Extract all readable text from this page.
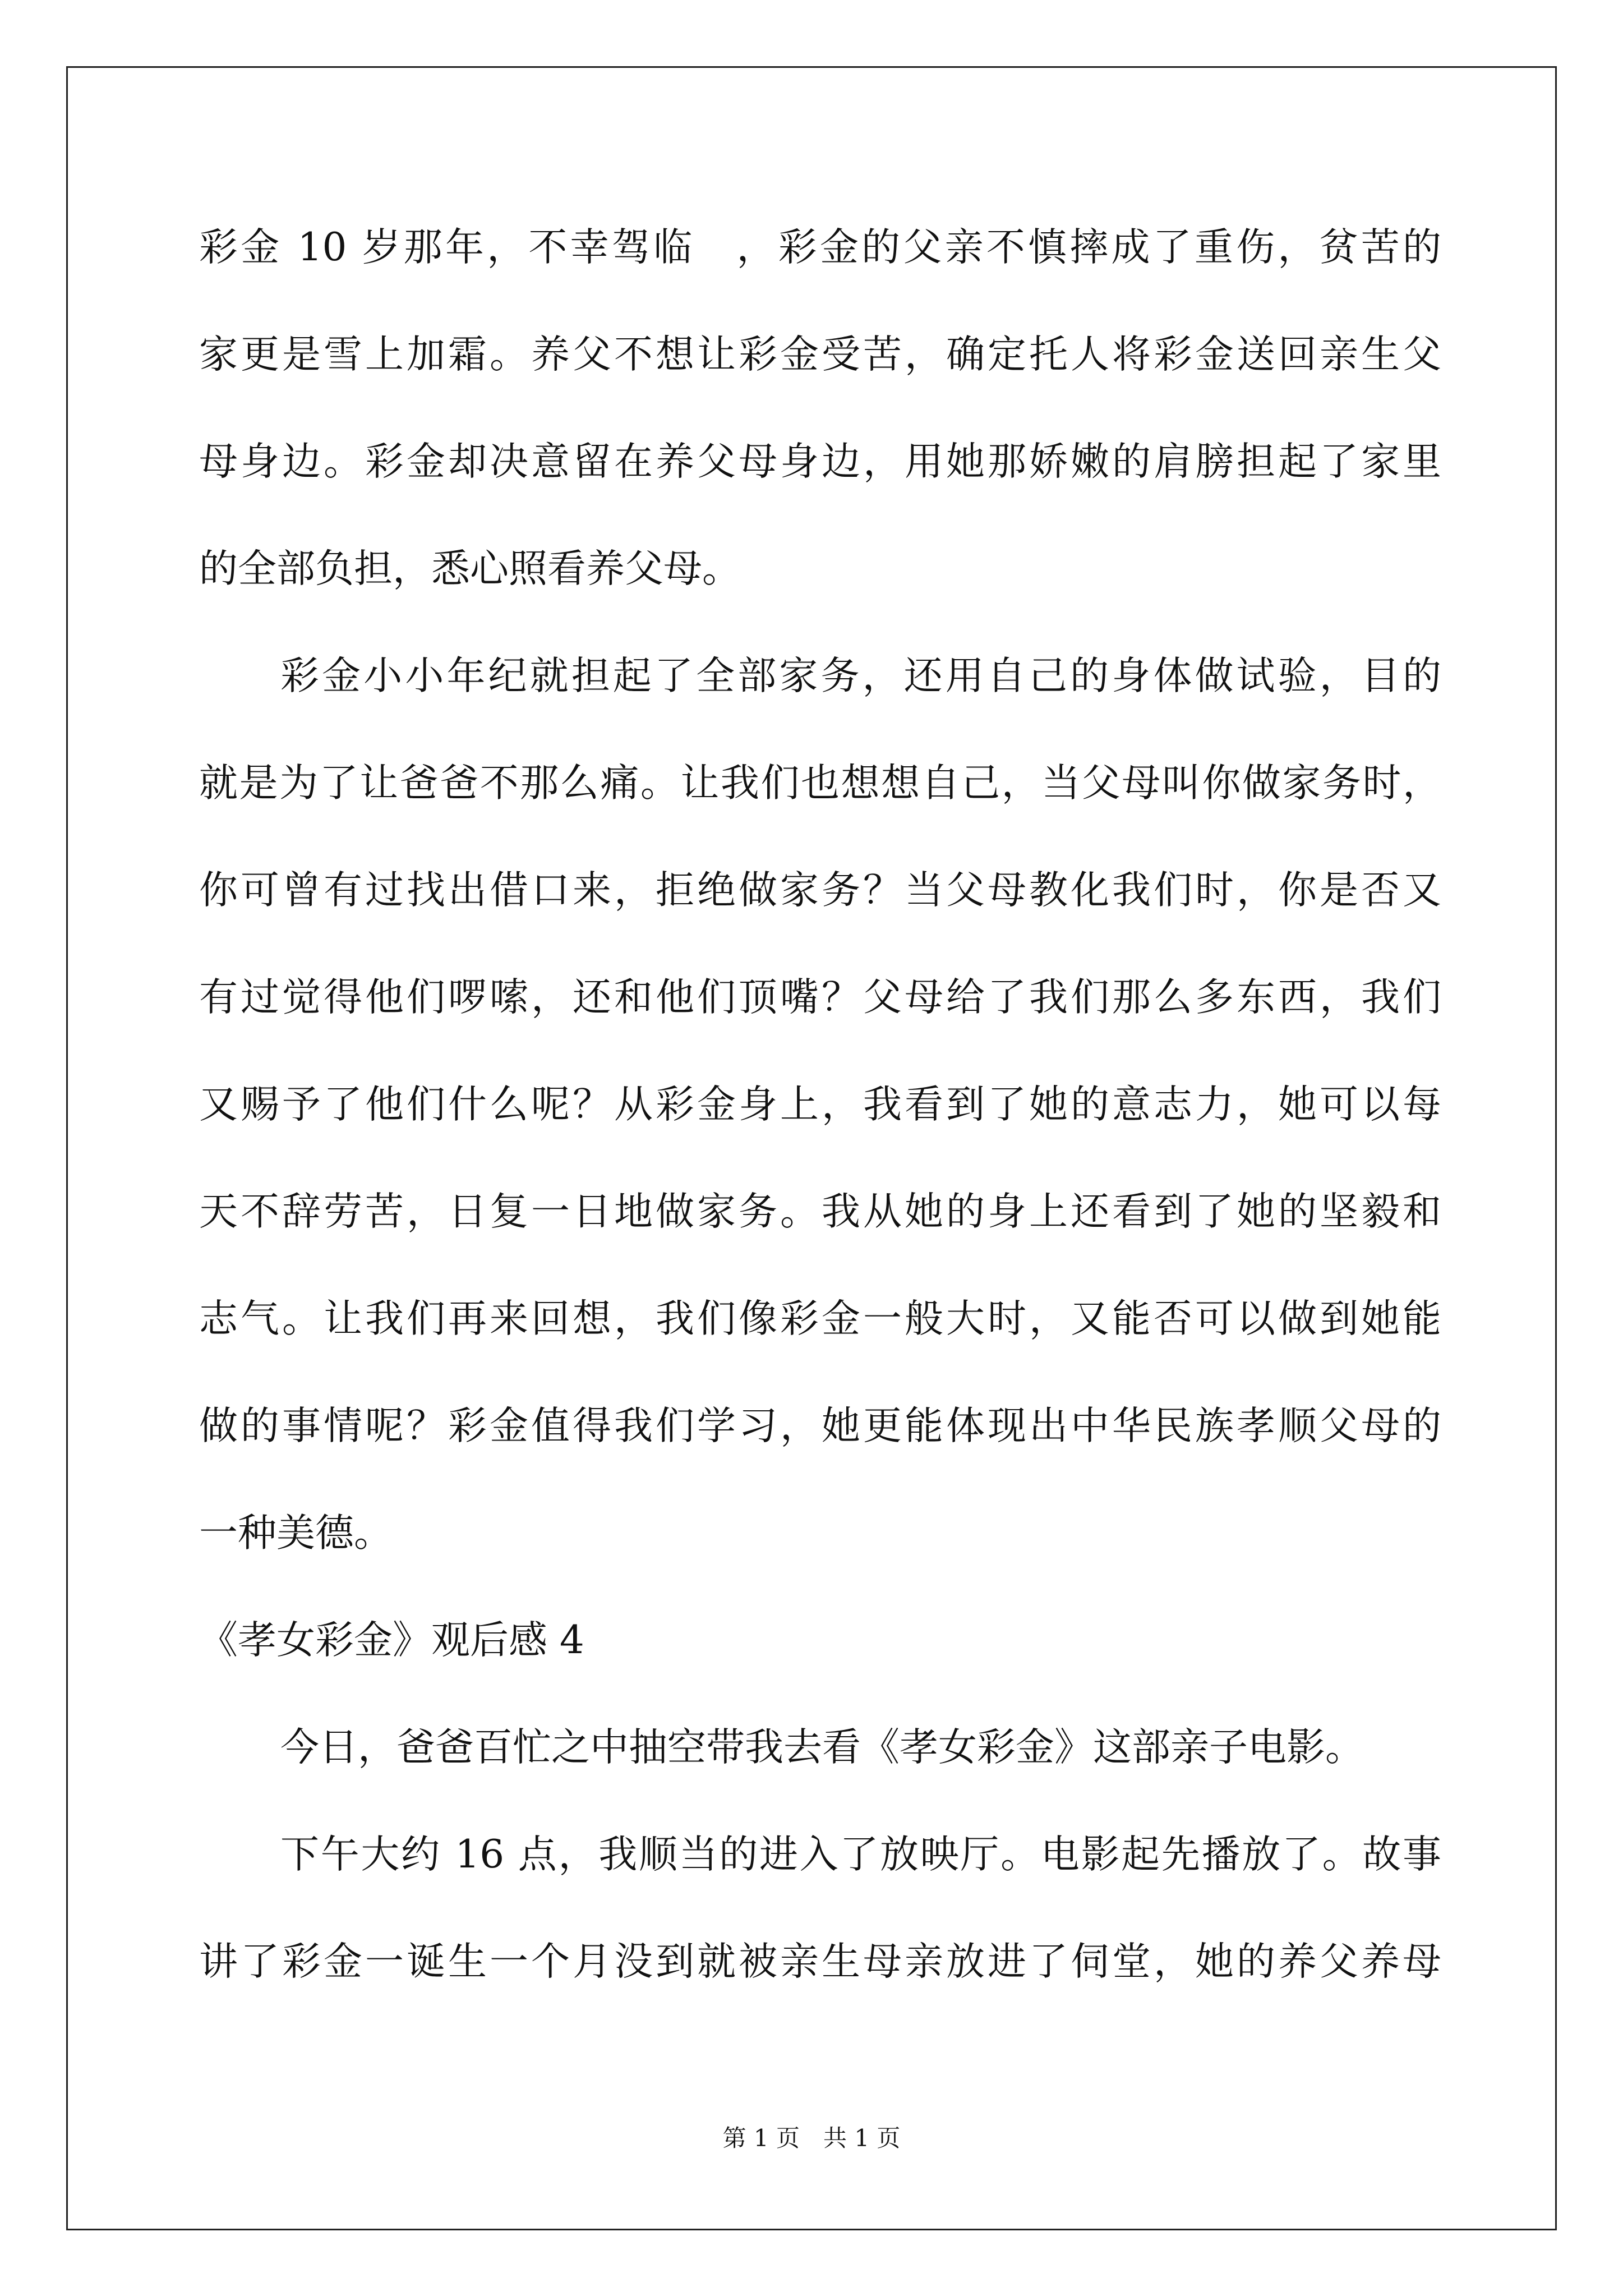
彩金 10 岁那年，不幸驾临　，彩金的父亲不慎摔成了重伤，贫苦的
家更是雪上加霜。养父不想让彩金受苦，确定托人将彩金送回亲生父
母身边。彩金却决意留在养父母身边，用她那娇嫩的肩膀担起了家里
的全部负担，悉心照看养父母。
彩金小小年纪就担起了全部家务，还用自己的身体做试验，目的
就是为了让爸爸不那么痛。让我们也想想自己，当父母叫你做家务时，
你可曾有过找出借口来，拒绝做家务？当父母教化我们时，你是否又
有过觉得他们啰嗦，还和他们顶嘴？父母给了我们那么多东西，我们
又赐予了他们什么呢？从彩金身上，我看到了她的意志力，她可以每
天不辞劳苦，日复一日地做家务。我从她的身上还看到了她的坚毅和
志气。让我们再来回想，我们像彩金一般大时，又能否可以做到她能
做的事情呢？彩金值得我们学习，她更能体现出中华民族孝顺父母的
一种美德。
《孝女彩金》观后感 4
今日，爸爸百忙之中抽空带我去看《孝女彩金》这部亲子电影。
下午大约 16 点，我顺当的进入了放映厅。电影起先播放了。故事
讲了彩金一诞生一个月没到就被亲生母亲放进了伺堂，她的养父养母
第 1 页　共 1 页
